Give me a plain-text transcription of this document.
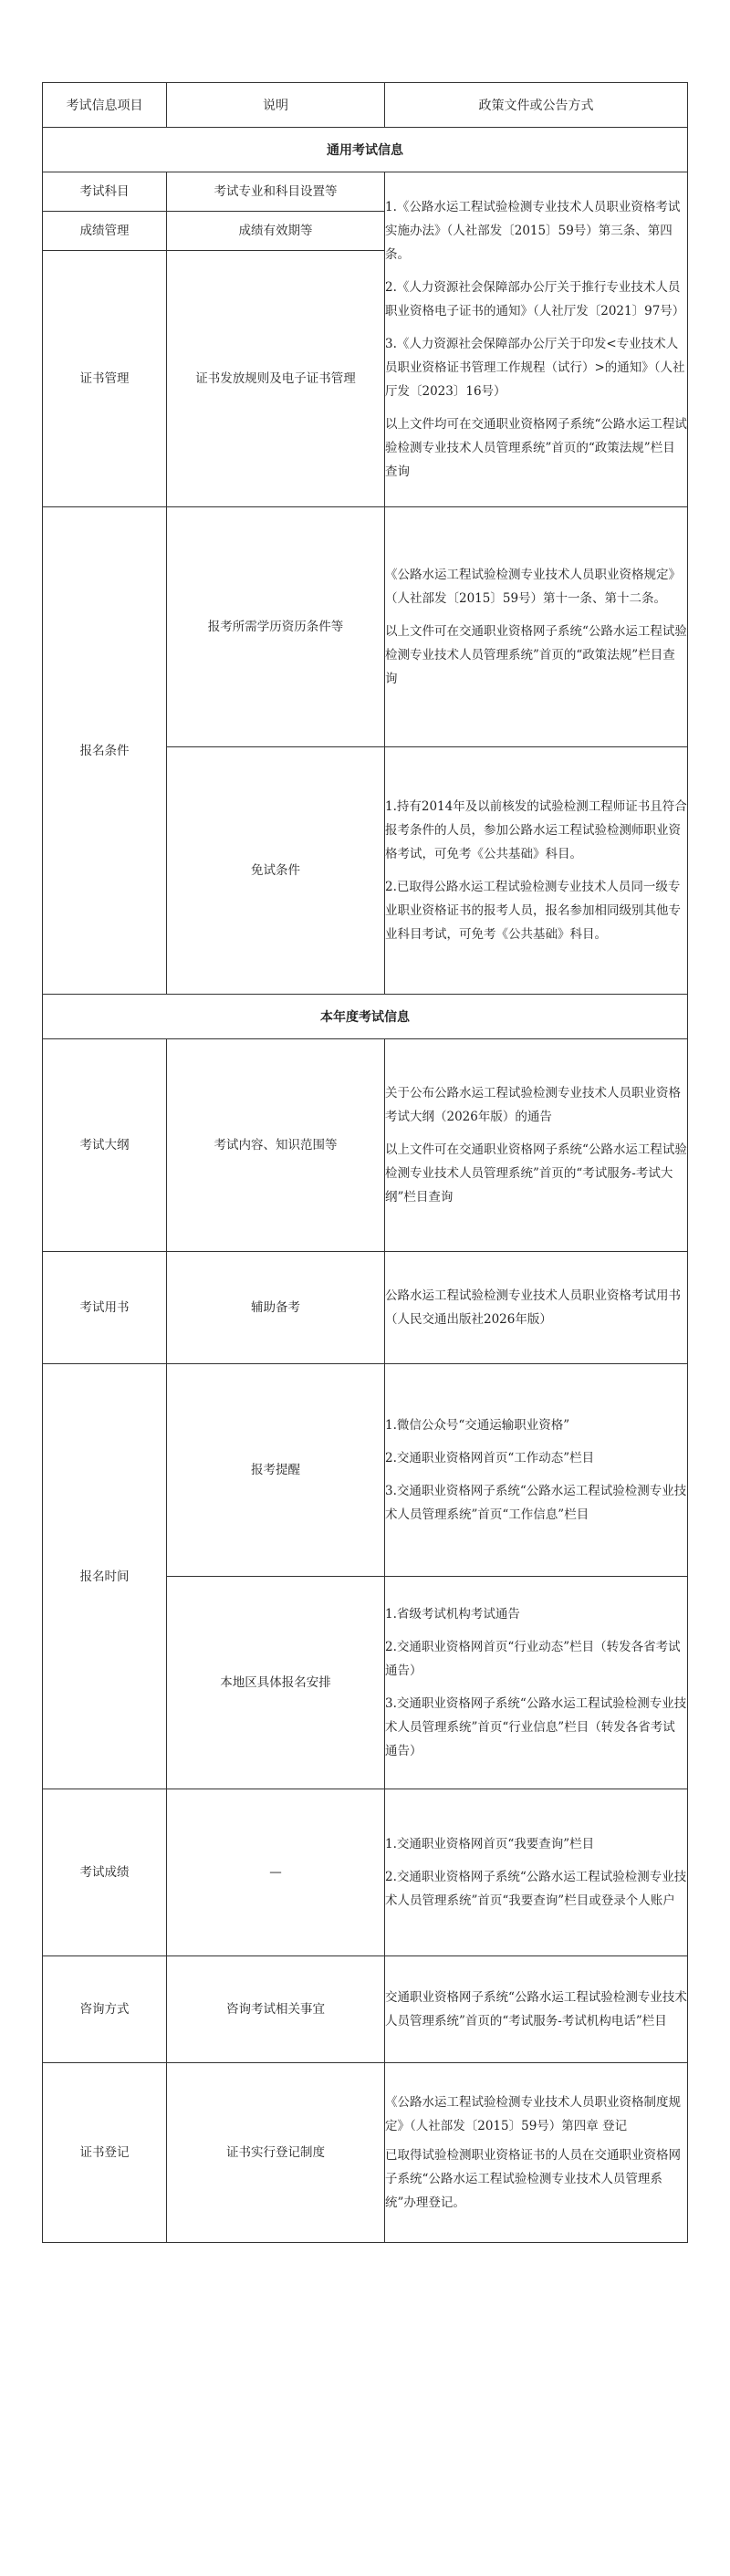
考试信息项目	说明	政策文件或公告方式
通用考试信息		
考试科目	考试专业和科目设置等	1.《公路水运工程试验检测专业技术人员职业资格考试实施办法》（人社部发〔2015〕59号）第三条、第四条。

2.《人力资源社会保障部办公厅关于推行专业技术人员职业资格电子证书的通知》（人社厅发〔2021〕97号）

3.《人力资源社会保障部办公厅关于印发<专业技术人员职业资格证书管理工作规程（试行）>的通知》（人社厅发〔2023〕16号）

以上文件均可在交通职业资格网子系统“公路水运工程试验检测专业技术人员管理系统”首页的“政策法规”栏目查询

成绩管理	成绩有效期等	
证书管理	证书发放规则及电子证书管理	
报名条件	报考所需学历资历条件等	《公路水运工程试验检测专业技术人员职业资格规定》（人社部发〔2015〕59号）第十一条、第十二条。

以上文件可在交通职业资格网子系统“公路水运工程试验检测专业技术人员管理系统”首页的“政策法规”栏目查询

	免试条件	1.持有2014年及以前核发的试验检测工程师证书且符合报考条件的人员，参加公路水运工程试验检测师职业资格考试，可免考《公共基础》科目。

2.已取得公路水运工程试验检测专业技术人员同一级专业职业资格证书的报考人员，报名参加相同级别其他专业科目考试，可免考《公共基础》科目。

本年度考试信息		
考试大纲	考试内容、知识范围等	关于公布公路水运工程试验检测专业技术人员职业资格考试大纲（2026年版）的通告

以上文件可在交通职业资格网子系统“公路水运工程试验检测专业技术人员管理系统”首页的“考试服务-考试大纲”栏目查询

考试用书	辅助备考	公路水运工程试验检测专业技术人员职业资格考试用书（人民交通出版社2026年版）

报名时间	报考提醒	1.微信公众号“交通运输职业资格”

2.交通职业资格网首页“工作动态”栏目

3.交通职业资格网子系统“公路水运工程试验检测专业技术人员管理系统”首页“工作信息”栏目

	本地区具体报名安排	1.省级考试机构考试通告

2.交通职业资格网首页“行业动态”栏目（转发各省考试通告）

3.交通职业资格网子系统“公路水运工程试验检测专业技术人员管理系统”首页“行业信息”栏目（转发各省考试通告）

考试成绩	—	1.交通职业资格网首页“我要查询”栏目

2.交通职业资格网子系统“公路水运工程试验检测专业技术人员管理系统”首页“我要查询”栏目或登录个人账户

咨询方式	咨询考试相关事宜	交通职业资格网子系统“公路水运工程试验检测专业技术人员管理系统”首页的“考试服务-考试机构电话”栏目

证书登记	证书实行登记制度	《公路水运工程试验检测专业技术人员职业资格制度规定》（人社部发〔2015〕59号）第四章 登记

已取得试验检测职业资格证书的人员在交通职业资格网子系统“公路水运工程试验检测专业技术人员管理系统”办理登记。
